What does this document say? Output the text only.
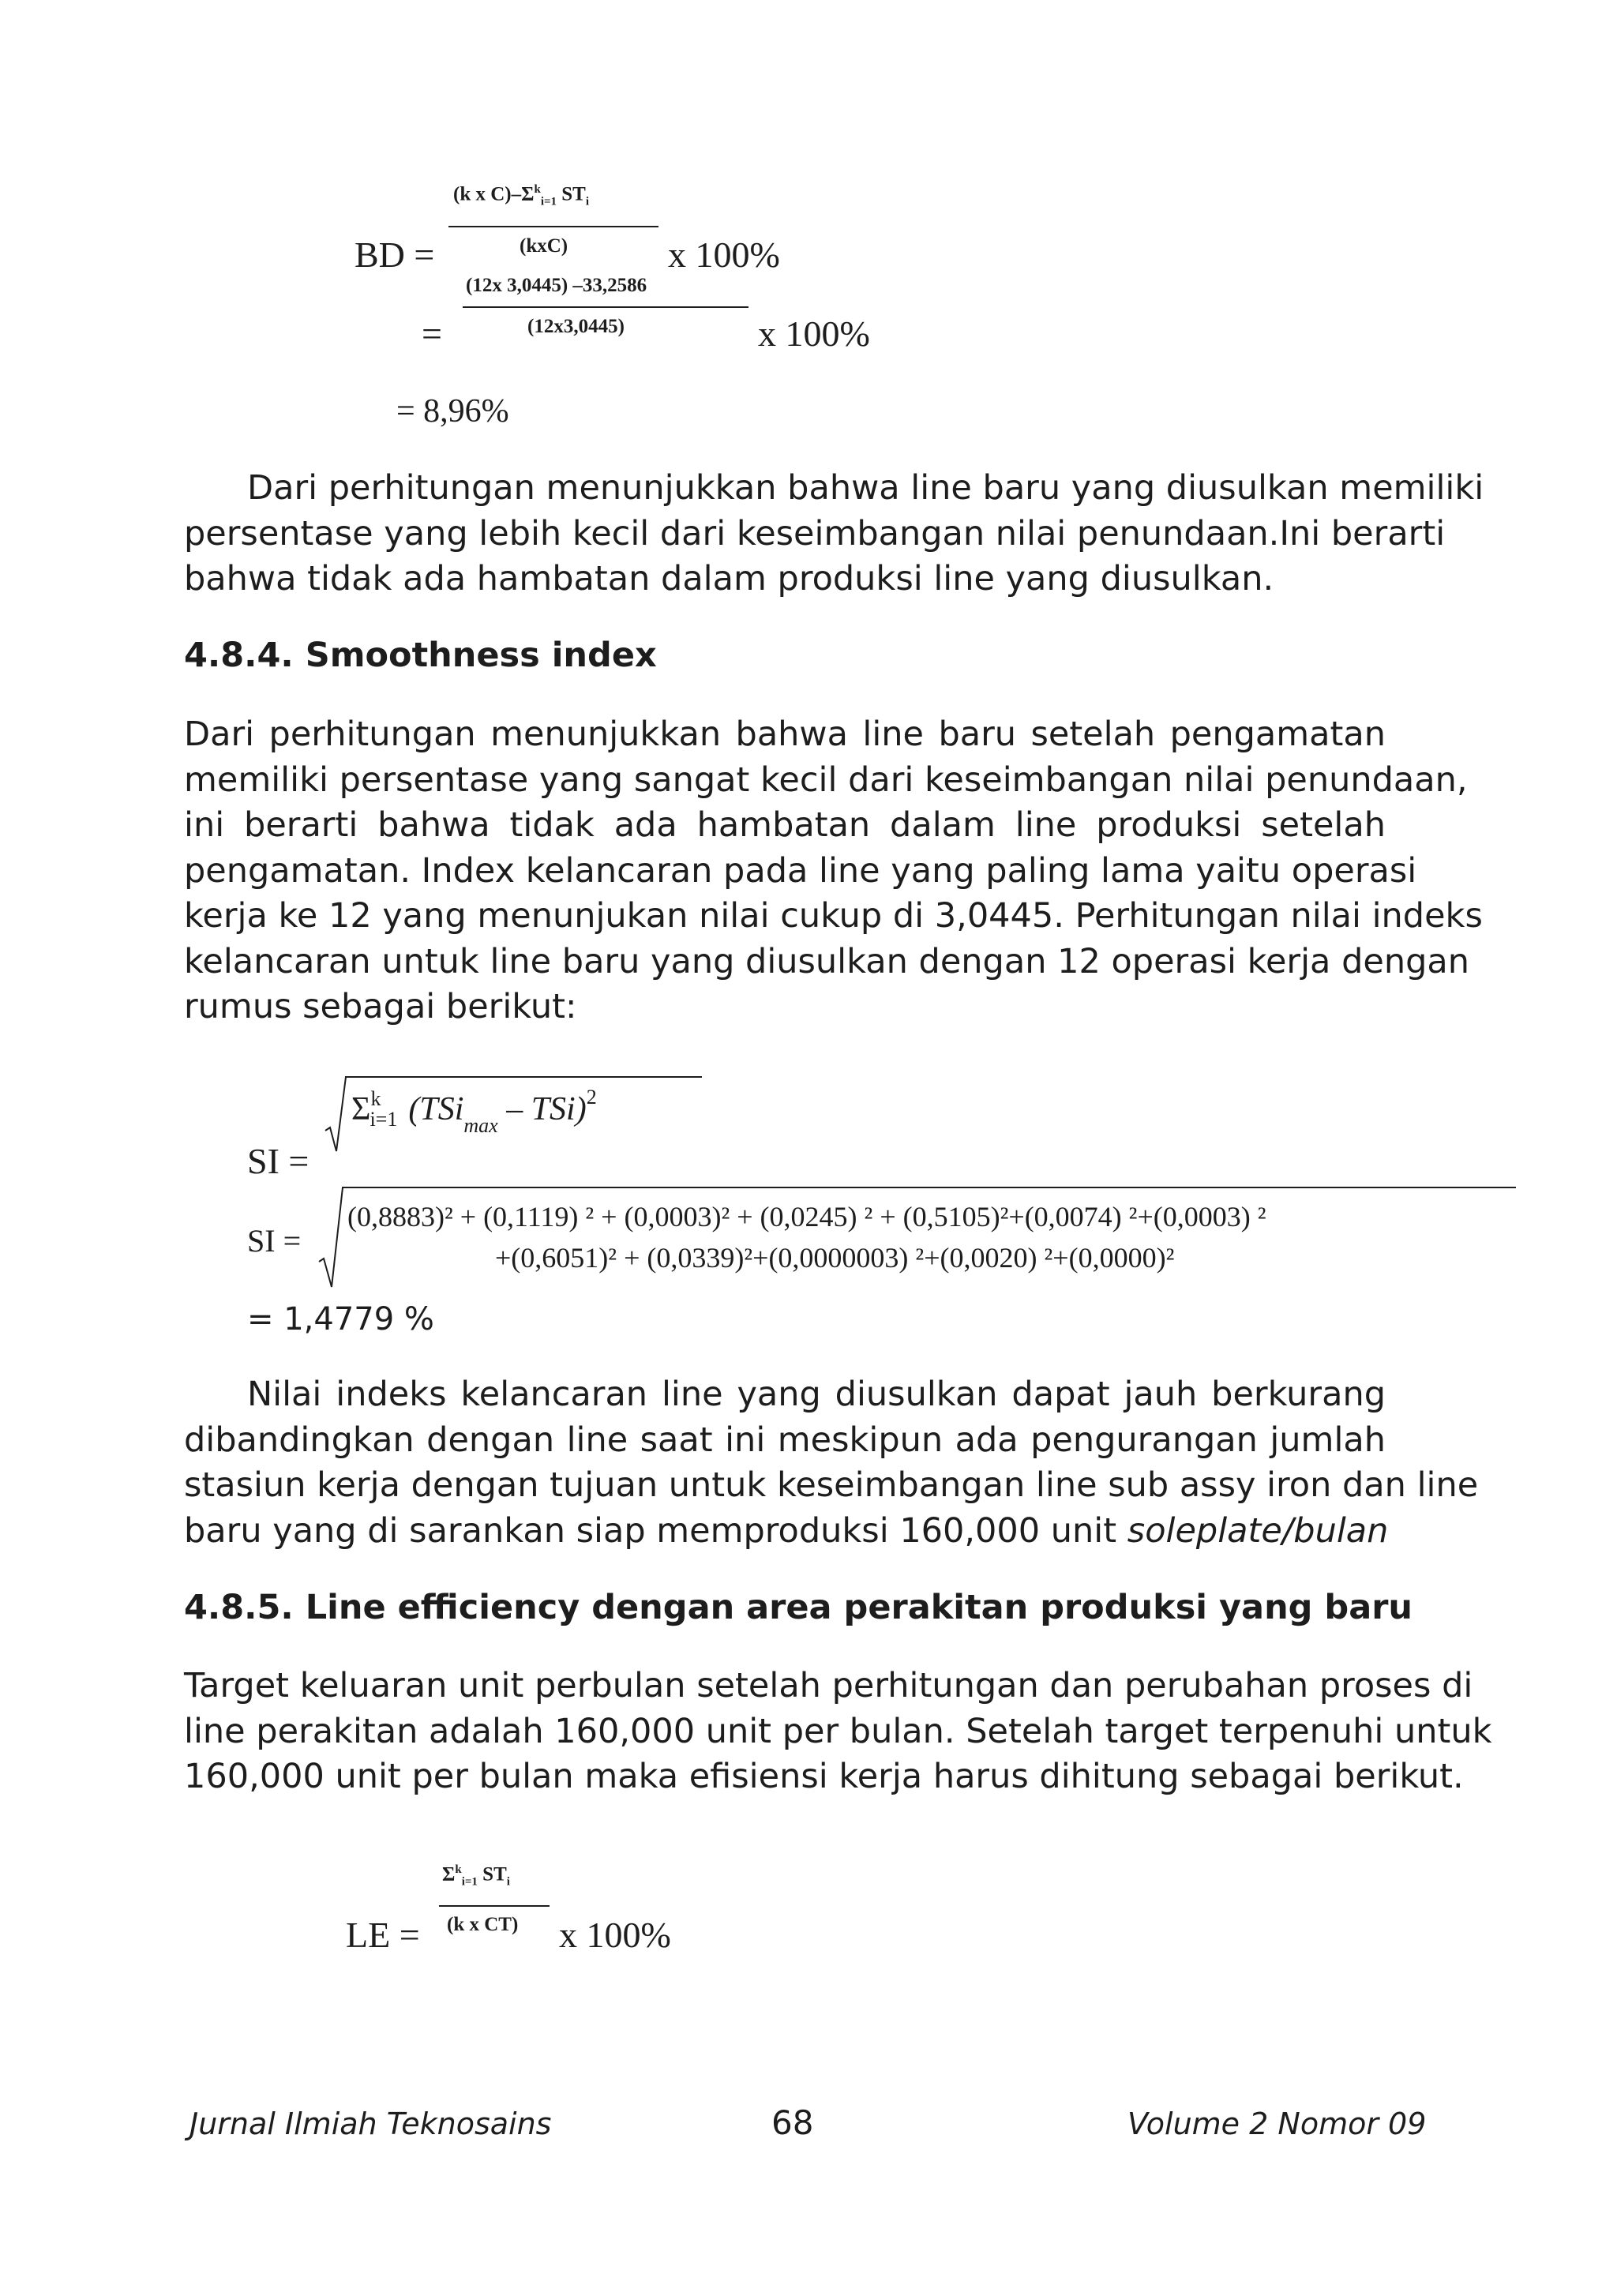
(k x $C)-\Sigma^k_{i=1}$ $ST_i$
BD =	(kxC)	x 100%
(12x 3,0445) –33,2586
=	(12x3,0445)	x 100%
= 8,96%
Dari perhitungan menunjukkan bahwa line baru yang diusulkan memiliki
persentase yang lebih kecil dari keseimbangan nilai penundaan.Ini berarti
bahwa tidak ada hambatan dalam produksi line yang diusulkan.
4.8.4. Smoothness index
Dari perhitungan menunjukkan bahwa line baru setelah pengamatan
memiliki persentase yang sangat kecil dari keseimbangan nilai penundaan,
ini berarti bahwa tidak ada hambatan dalam line produksi setelah
pengamatan. Index kelancaran pada line yang paling lama yaitu operasi
kerja ke 12 yang menunjukan nilai cukup di 3,0445. Perhitungan nilai indeks
kelancaran untuk line baru yang diusulkan dengan 12 operasi kerja dengan
rumus sebagai berikut:
SI =
$\Sigma^ki=1$ (TSi$_{max}$ – TSi)$^2$
SI =
(0,8883)² + (0,1119) ² + (0,0003)² + (0,0245) ² + (0,5105)²+(0,0074) ²+(0,0003) ²
+(0,6051)² + (0,0339)²+(0,0000003) ²+(0,0020) ²+(0,0000)²
= 1,4779 %
Nilai indeks kelancaran line yang diusulkan dapat jauh berkurang
dibandingkan dengan line saat ini meskipun ada pengurangan jumlah
stasiun kerja dengan tujuan untuk keseimbangan line sub assy iron dan line
baru yang di sarankan siap memproduksi 160,000 unit soleplate/bulan
4.8.5. Line efficiency dengan area perakitan produksi yang baru
Target keluaran unit perbulan setelah perhitungan dan perubahan proses di
line perakitan adalah 160,000 unit per bulan. Setelah target terpenuhi untuk
160,000 unit per bulan maka efisiensi kerja harus dihitung sebagai berikut.
$\Sigma^k_{i=1}$ $ST_i$
LE = (k x CT) x 100%
Jurnal Ilmiah Teknosains	68	Volume 2 Nomor 09
